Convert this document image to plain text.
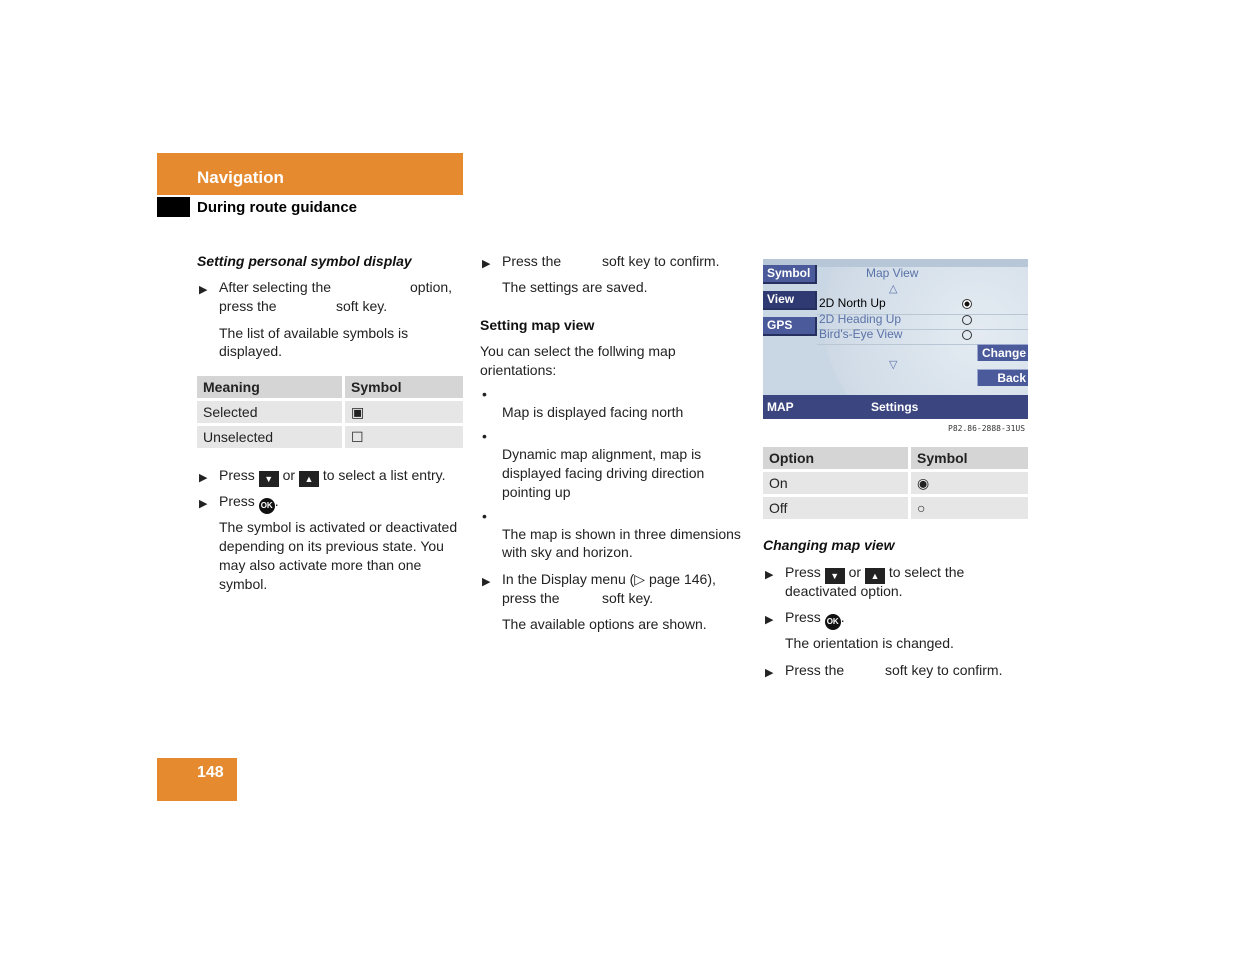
Navigation
During route guidance
Setting personal symbol display
▶ After selecting the	option,
press the	soft key.
The list of available symbols is
displayed.
Meaning	Symbol
Selected	▣
Unselected	☐
▶ Press ▼ or ▲ to select a list entry.
▶ Press OK .
The symbol is activated or deactivated
depending on its previous state. You
may also activate more than one
symbol.
▶ Press the	soft key to confirm.
The settings are saved.
Setting map view
You can select the follwing map
orientations:
•
Map is displayed facing north
•
Dynamic map alignment, map is
displayed facing driving direction
pointing up
•
The map is shown in three dimensions
with sky and horizon.
▶ In the Display menu (▷ page 146),
press the	soft key.
The available options are shown.
Symbol
View
GPS
Map View
△
2D North Up
2D Heading Up
Bird's-Eye View
▽
Change
Back
MAP	Settings
P82.86-2888-31US
Option	Symbol
On	◉
Off	○
Changing map view
▶ Press ▼ or ▲ to select the
deactivated option.
▶ Press OK .
The orientation is changed.
▶ Press the	soft key to confirm.
148
